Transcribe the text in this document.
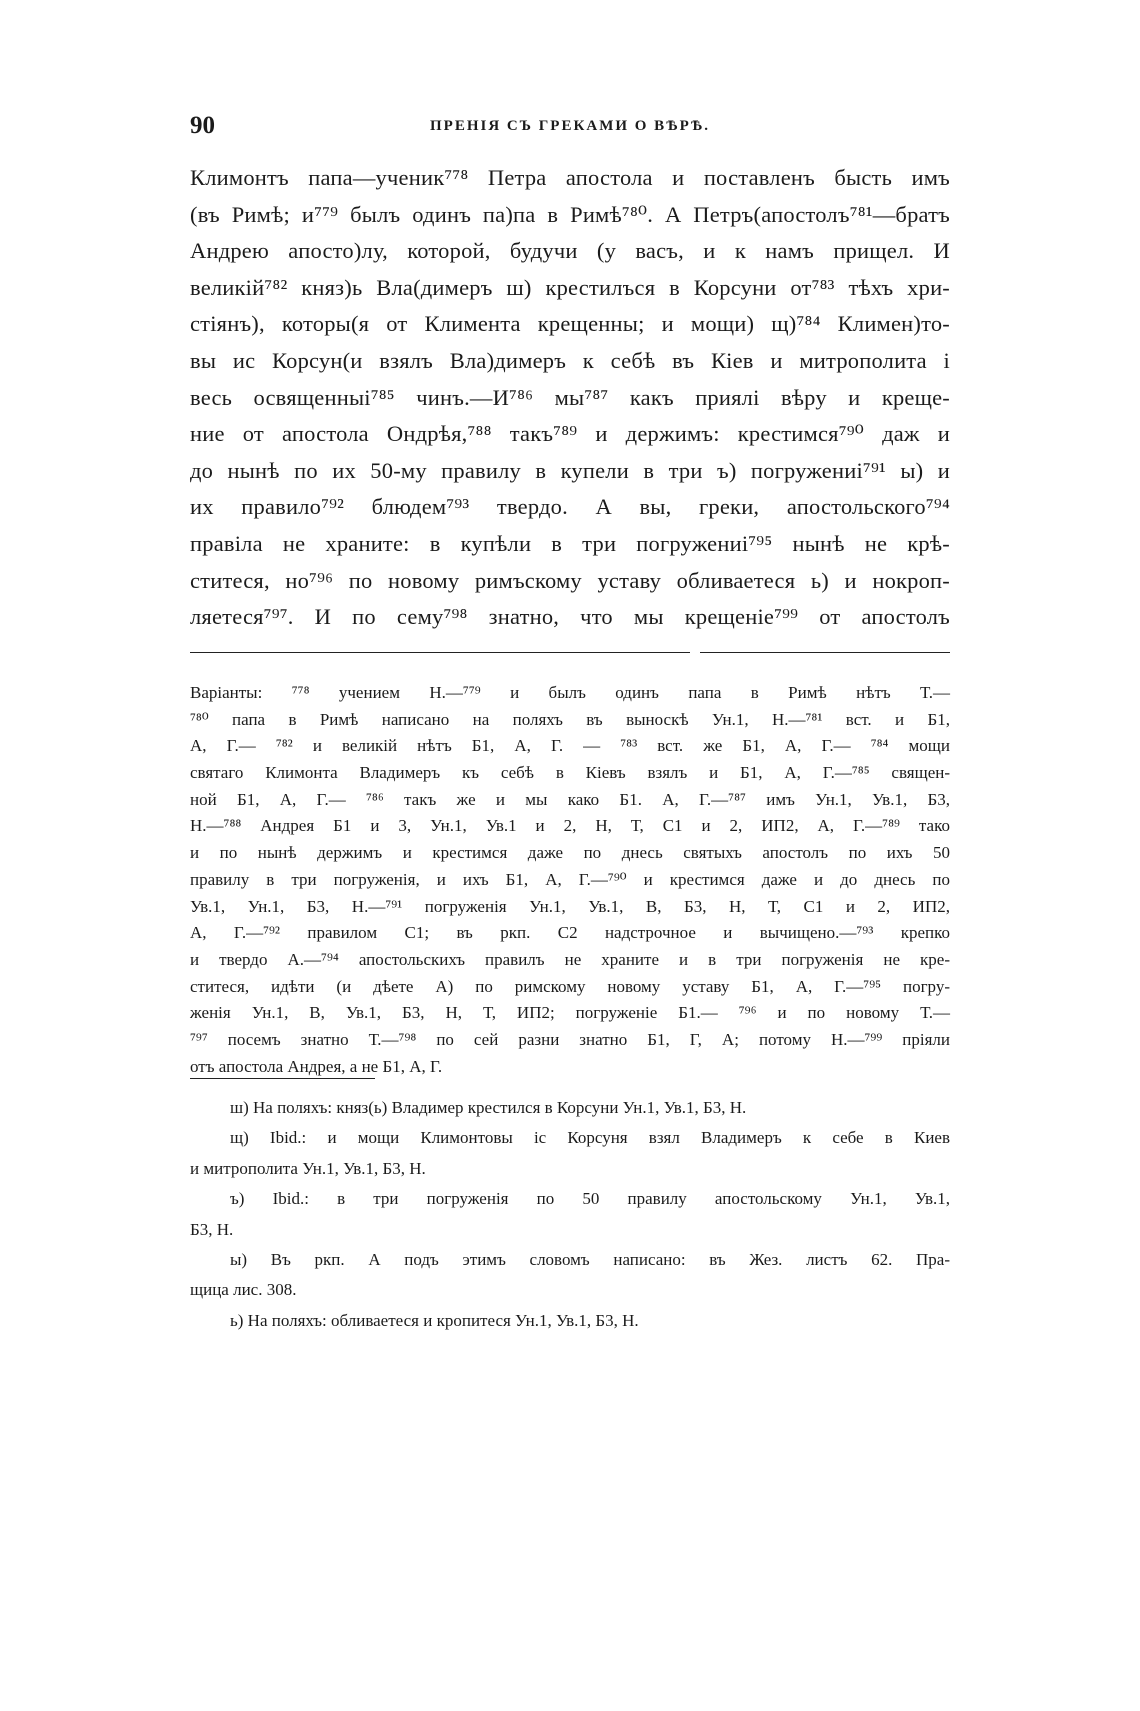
90	ПРЕНІЯ СЪ ГРЕКАМИ О ВѢРѢ.
Климонтъ папа—ученик⁷⁷⁸ Петра апостола и поставленъ бысть имъ
(въ Римѣ; и⁷⁷⁹ былъ одинъ па)па в Римѣ⁷⁸⁰. А Петръ(апостолъ⁷⁸¹—братъ
Андрею апосто)лу, которой, будучи (у васъ, и к намъ прищел. И
великій⁷⁸² княз)ь Вла(димеръ ш) крестилъся в Корсуни от⁷⁸³ тѣхъ хри-
стіянъ), которы(я от Климента крещенны; и мощи) щ)⁷⁸⁴ Климен)то-
вы ис Корсун(и взялъ Вла)димеръ к себѣ въ Кіев и митрополита і
весь освященныі⁷⁸⁵ чинъ.—И⁷⁸⁶ мы⁷⁸⁷ какъ приялі вѣру и креще-
ние от апостола Ондрѣя,⁷⁸⁸ такъ⁷⁸⁹ и держимъ: крестимся⁷⁹⁰ даж и
до нынѣ по их 50-му правилу в купели в три ъ) погружениі⁷⁹¹ ы) и
их правило⁷⁹² блюдем⁷⁹³ твердо. А вы, греки, апостольского⁷⁹⁴
правіла не храните: в купѣли в три погружениі⁷⁹⁵ нынѣ не крѣ-
ститеся, но⁷⁹⁶ по новому римъскому уставу обливаетеся ь) и нокроп-
ляетеся⁷⁹⁷. И по сему⁷⁹⁸ знатно, что мы крещеніе⁷⁹⁹ от апостолъ
Варіанты: ⁷⁷⁸ учением Н.—⁷⁷⁹ и былъ одинъ папа в Римѣ нѣтъ Т.—
⁷⁸⁰ папа в Римѣ написано на поляхъ въ выноскѣ Ун.1, Н.—⁷⁸¹ вст. и Б1,
А, Г.— ⁷⁸² и великій нѣтъ Б1, А, Г. — ⁷⁸³ вст. же Б1, А, Г.— ⁷⁸⁴ мощи
святаго Климонта Владимеръ къ себѣ в Кіевъ взялъ и Б1, А, Г.—⁷⁸⁵ священ-
ной Б1, А, Г.— ⁷⁸⁶ такъ же и мы како Б1. А, Г.—⁷⁸⁷ имъ Ун.1, Ув.1, Б3,
Н.—⁷⁸⁸ Андрея Б1 и 3, Ун.1, Ув.1 и 2, Н, Т, С1 и 2, ИП2, А, Г.—⁷⁸⁹ тако
и по нынѣ держимъ и крестимся даже по днесь святыхъ апостолъ по ихъ 50
правилу в три погруженія, и ихъ Б1, А, Г.—⁷⁹⁰ и крестимся даже и до днесь по
Ув.1, Ун.1, Б3, Н.—⁷⁹¹ погруженія Ун.1, Ув.1, В, Б3, Н, Т, С1 и 2, ИП2,
А, Г.—⁷⁹² правилом С1; въ ркп. С2 надстрочное и вычищено.—⁷⁹³ крепко
и твердо А.—⁷⁹⁴ апостольскихъ правилъ не храните и в три погруженія не кре-
ститеся, идѣти (и дѣете А) по римскому новому уставу Б1, А, Г.—⁷⁹⁵ погру-
женія Ун.1, В, Ув.1, Б3, Н, Т, ИП2; погруженіе Б1.— ⁷⁹⁶ и по новому Т.—
⁷⁹⁷ посемъ знатно Т.—⁷⁹⁸ по сей разни знатно Б1, Г, А; потому Н.—⁷⁹⁹ пріяли
отъ апостола Андрея, а не Б1, А, Г.
ш) На поляхъ: княз(ь) Владимер крестился в Корсуни Ун.1, Ув.1, Б3, Н.
щ) Ibid.: и мощи Климонтовы іс Корсуня взял Владимеръ к себе в Киев
и митрополита Ун.1, Ув.1, Б3, Н.
ъ) Ibid.: в три погруженія по 50 правилу апостольскому Ун.1, Ув.1,
Б3, Н.
ы) Въ ркп. А подъ этимъ словомъ написано: въ Жез. листъ 62. Пра-
щица лис. 308.
ь) На поляхъ: обливаетеся и кропитеся Ун.1, Ув.1, Б3, Н.
